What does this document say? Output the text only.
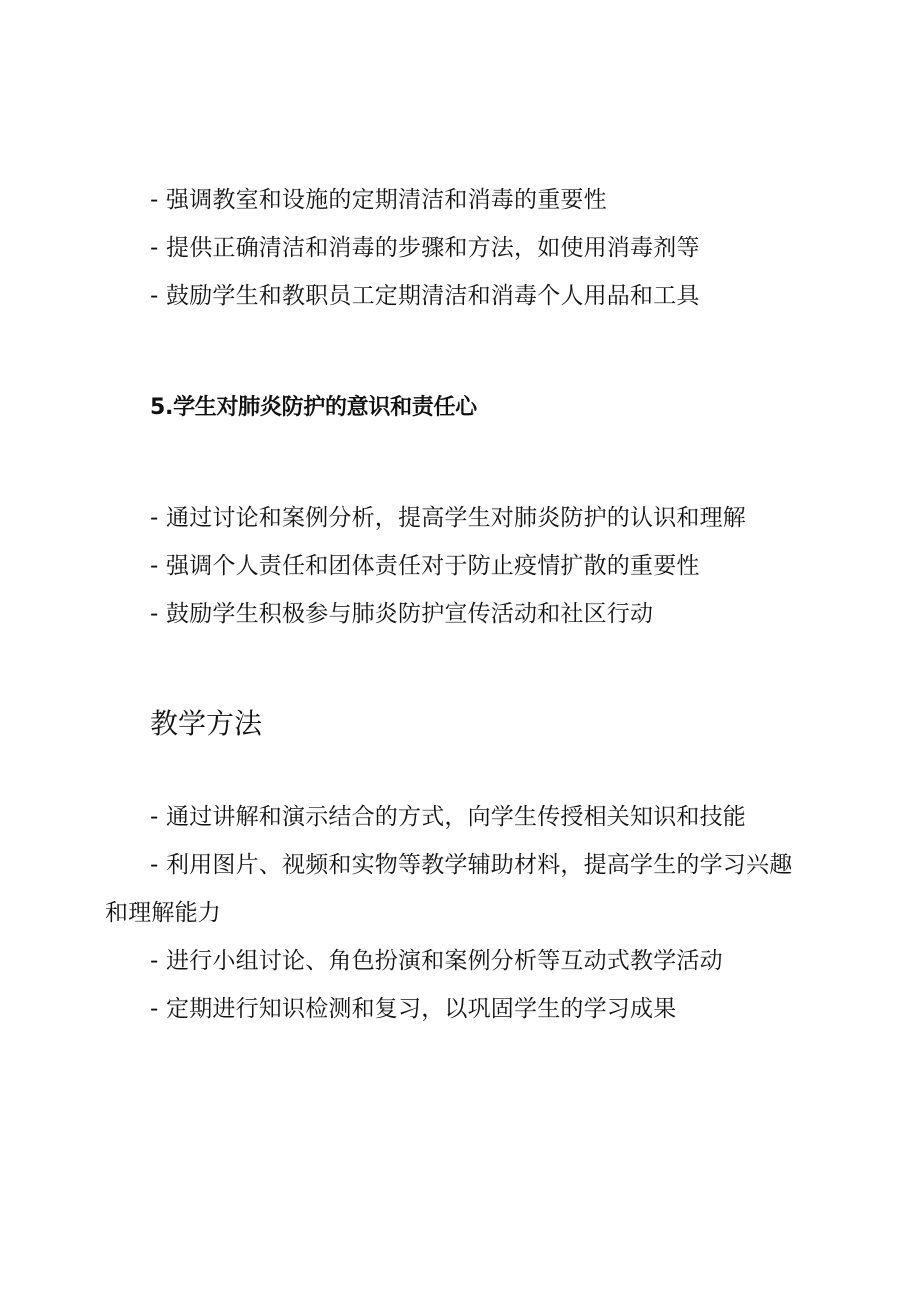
- 强调教室和设施的定期清洁和消毒的重要性
- 提供正确清洁和消毒的步骤和方法，如使用消毒剂等
- 鼓励学生和教职员工定期清洁和消毒个人用品和工具
5.学生对肺炎防护的意识和责任心
- 通过讨论和案例分析，提高学生对肺炎防护的认识和理解
- 强调个人责任和团体责任对于防止疫情扩散的重要性
- 鼓励学生积极参与肺炎防护宣传活动和社区行动
教学方法
- 通过讲解和演示结合的方式，向学生传授相关知识和技能
- 利用图片、视频和实物等教学辅助材料，提高学生的学习兴趣
和理解能力
- 进行小组讨论、角色扮演和案例分析等互动式教学活动
- 定期进行知识检测和复习，以巩固学生的学习成果
